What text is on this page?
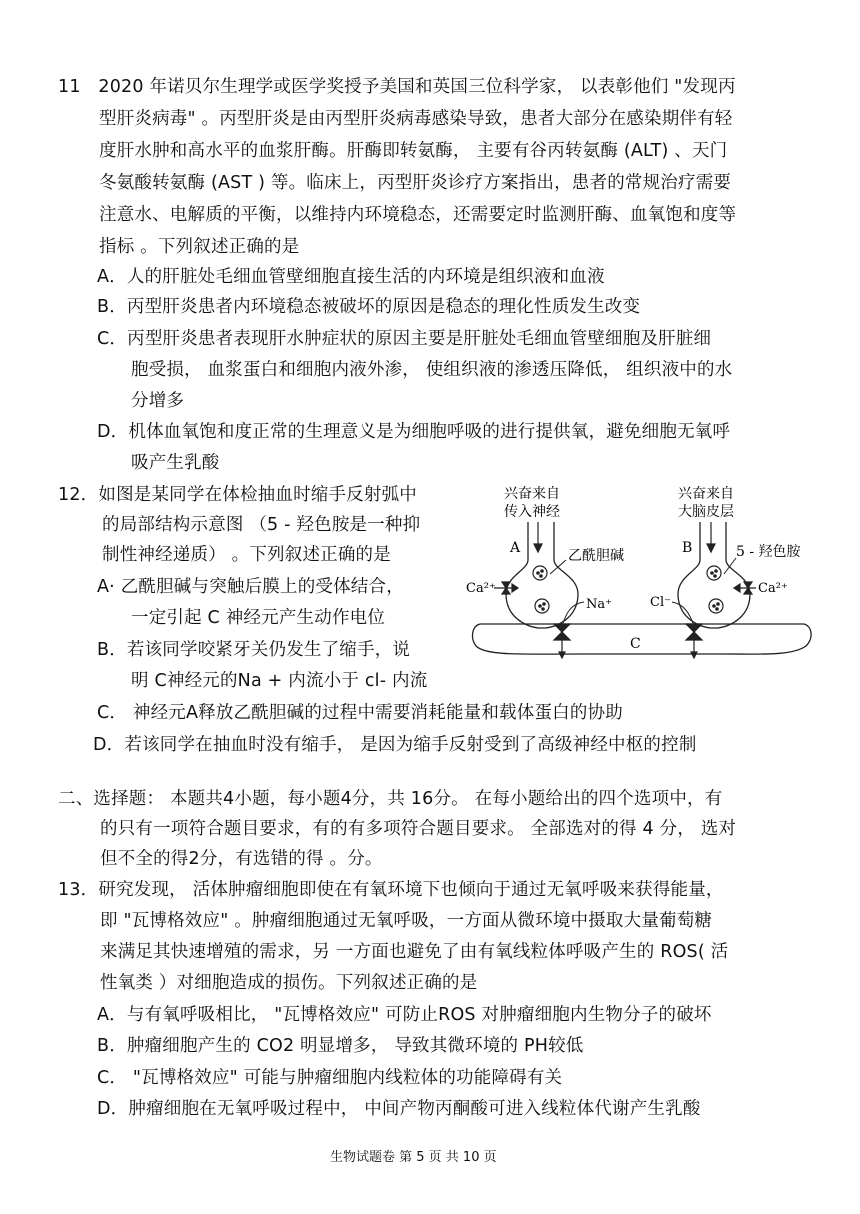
11　2020 年诺贝尔生理学或医学奖授予美国和英国三位科学家， 以表彰他们 "发现丙
型肝炎病毒" 。丙型肝炎是由丙型肝炎病毒感染导致，患者大部分在感染期伴有轻
度肝水肿和高水平的血浆肝酶。肝酶即转氨酶， 主要有谷丙转氨酶 (ALT) 、天门
冬氨酸转氨酶 (AST ) 等。临床上，丙型肝炎诊疗方案指出，患者的常规治疗需要
注意水、电解质的平衡，以维持内环境稳态，还需要定时监测肝酶、血氧饱和度等
指标 。下列叙述正确的是
A．人的肝脏处毛细血管壁细胞直接生活的内环境是组织液和血液
B．丙型肝炎患者内环境稳态被破坏的原因是稳态的理化性质发生改变
C．丙型肝炎患者表现肝水肿症状的原因主要是肝脏处毛细血管壁细胞及肝脏细
胞受损， 血浆蛋白和细胞内液外渗， 使组织液的渗透压降低， 组织液中的水
分增多
D．机体血氧饱和度正常的生理意义是为细胞呼吸的进行提供氧，避免细胞无氧呼
吸产生乳酸
12．如图是某同学在体检抽血时缩手反射弧中
的局部结构示意图 （5 - 羟色胺是一种抑
制性神经递质） 。下列叙述正确的是
A· 乙酰胆碱与突触后膜上的受体结合，
一定引起 C 神经元产生动作电位
B．若该同学咬紧牙关仍发生了缩手，说
明 C神经元的Na + 内流小于 cl- 内流
C． 神经元A释放乙酰胆碱的过程中需要消耗能量和载体蛋白的协助
D．若该同学在抽血时没有缩手， 是因为缩手反射受到了高级神经中枢的控制
兴奋来自
传入神经
兴奋来自
大脑皮层
A	B
乙酰胆碱	5 - 羟色胺
Ca²⁺	Ca²⁺
Na⁺	Cl⁻
C
二、选择题： 本题共4小题，每小题4分，共 16分。 在每小题给出的四个选项中，有
的只有一项符合题目要求，有的有多项符合题目要求。 全部选对的得 4 分， 选对
但不全的得2分，有选错的得 。分。
13．研究发现， 活体肿瘤细胞即使在有氧环境下也倾向于通过无氧呼吸来获得能量，
即 "瓦博格效应" 。肿瘤细胞通过无氧呼吸，一方面从微环境中摄取大量葡萄糖
来满足其快速增殖的需求，另 一方面也避免了由有氧线粒体呼吸产生的 ROS( 活
性氧类 ）对细胞造成的损伤。下列叙述正确的是
A．与有氧呼吸相比， "瓦博格效应" 可防止ROS 对肿瘤细胞内生物分子的破坏
B．肿瘤细胞产生的 CO2 明显增多， 导致其微环境的 PH较低
C． "瓦博格效应" 可能与肿瘤细胞内线粒体的功能障碍有关
D．肿瘤细胞在无氧呼吸过程中， 中间产物丙酮酸可进入线粒体代谢产生乳酸
生物试题卷 第 5 页 共 10 页
